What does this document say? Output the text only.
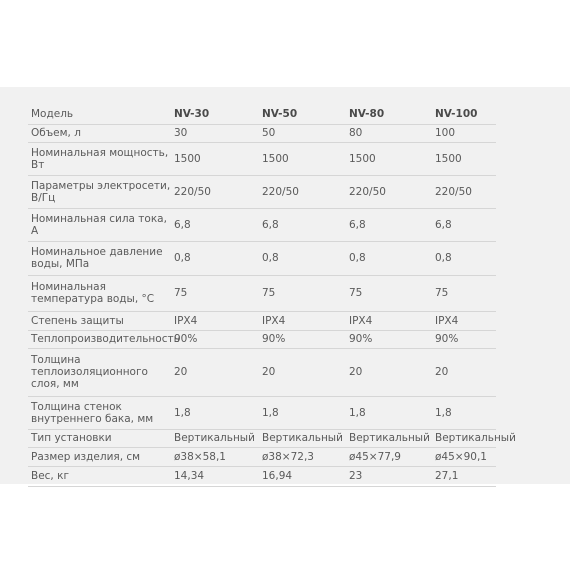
Модель	NV-30	NV-50	NV-80	NV-100
Объем, л	30	50	80	100
Номинальная мощность, Вт	1500	1500	1500	1500
Параметры электросети, В/Гц	220/50	220/50	220/50	220/50
Номинальная сила тока, А	6,8	6,8	6,8	6,8
Номинальное давление воды, МПа	0,8	0,8	0,8	0,8
Номинальная температура воды, °С	75	75	75	75
Степень защиты	IPX4	IPX4	IPX4	IPX4
Теплопроизводительность	90%	90%	90%	90%
Толщина теплоизоляционного слоя, мм	20	20	20	20
Толщина стенок внутреннего бака, мм	1,8	1,8	1,8	1,8
Тип установки	Вертикальный	Вертикальный	Вертикальный	Вертикальный
Размер изделия, см	ø38×58,1	ø38×72,3	ø45×77,9	ø45×90,1
Вес, кг	14,34	16,94	23	27,1
